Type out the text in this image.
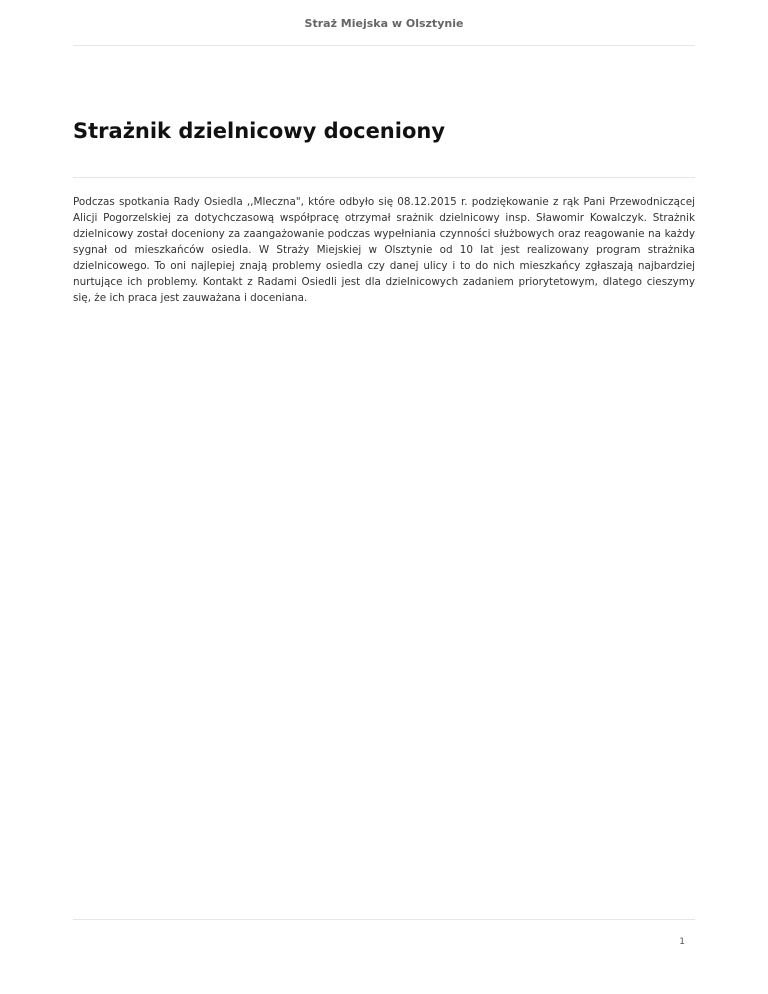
Straż Miejska w Olsztynie
Strażnik dzielnicowy doceniony

Podczas spotkania Rady Osiedla ,,Mleczna", które odbyło się 08.12.2015 r. podziękowanie z rąk Pani Przewodniczącej Alicji Pogorzelskiej za dotychczasową współpracę otrzymał srażnik dzielnicowy insp. Sławomir Kowalczyk. Strażnik dzielnicowy został doceniony za zaangażowanie podczas wypełniania czynności służbowych oraz reagowanie na każdy sygnał od mieszkańców osiedla. W Straży Miejskiej w Olsztynie od 10 lat jest realizowany program strażnika dzielnicowego. To oni najlepiej znają problemy osiedla czy danej ulicy i to do nich mieszkańcy zgłaszają najbardziej nurtujące ich problemy. Kontakt z Radami Osiedli jest dla dzielnicowych zadaniem priorytetowym, dlatego cieszymy się, że ich praca jest zauważana i doceniana.

1
